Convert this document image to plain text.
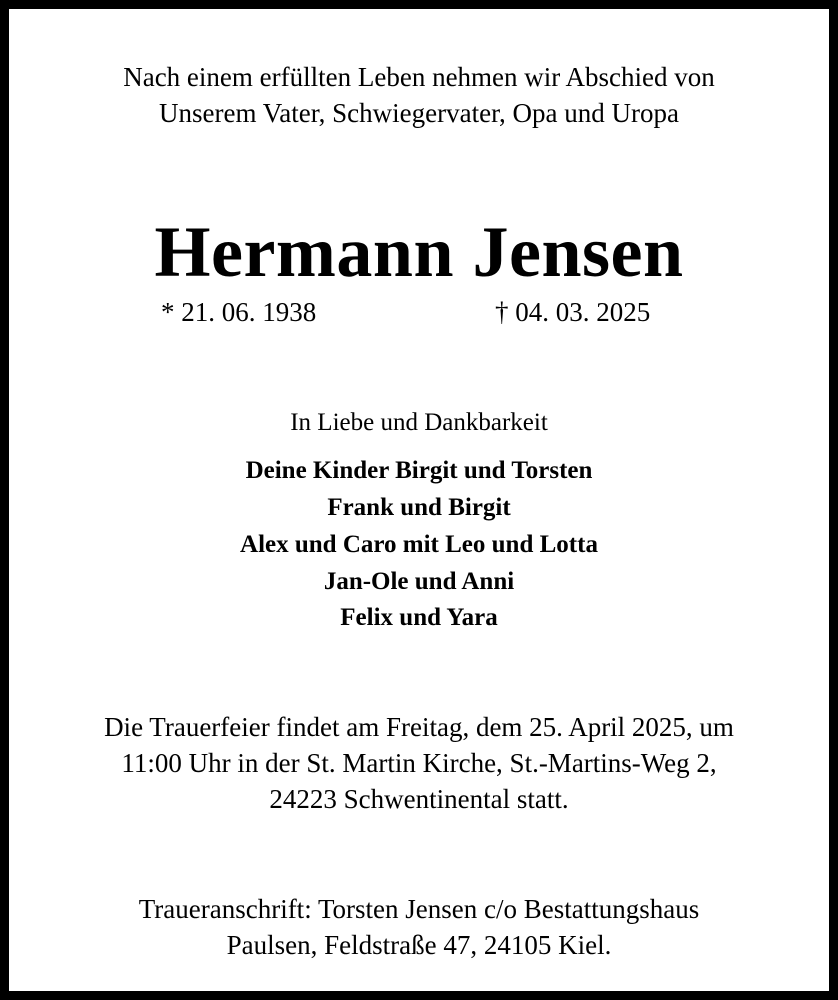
Nach einem erfüllten Leben nehmen wir Abschied von
Unserem Vater, Schwiegervater, Opa und Uropa
Hermann Jensen
* 21. 06. 1938	† 04. 03. 2025
In Liebe und Dankbarkeit
Deine Kinder Birgit und Torsten
Frank und Birgit
Alex und Caro mit Leo und Lotta
Jan-Ole und Anni
Felix und Yara
Die Trauerfeier findet am Freitag, dem 25. April 2025, um
11:00 Uhr in der St. Martin Kirche, St.-Martins-Weg 2,
24223 Schwentinental statt.
Traueranschrift: Torsten Jensen c/o Bestattungshaus
Paulsen, Feldstraße 47, 24105 Kiel.
